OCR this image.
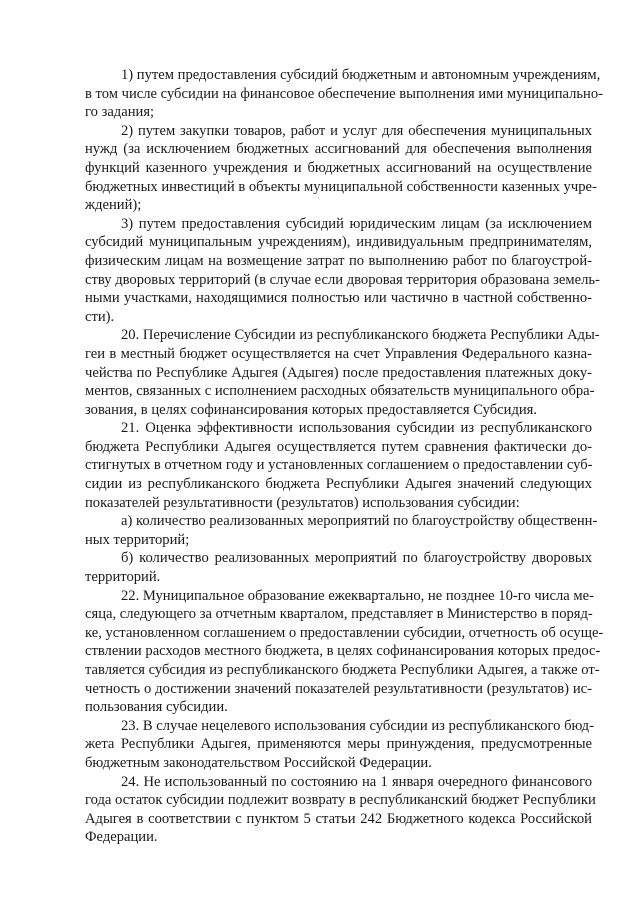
1) путем предоставления субсидий бюджетным и автономным учреждениям,
в том числе субсидии на финансовое обеспечение выполнения ими муниципально-
го задания;

2) путем закупки товаров, работ и услуг для обеспечения муниципальных
нужд (за исключением бюджетных ассигнований для обеспечения выполнения
функций казенного учреждения и бюджетных ассигнований на осуществление
бюджетных инвестиций в объекты муниципальной собственности казенных учре-
ждений);

3) путем предоставления субсидий юридическим лицам (за исключением
субсидий муниципальным учреждениям), индивидуальным предпринимателям,
физическим лицам на возмещение затрат по выполнению работ по благоустрой-
ству дворовых территорий (в случае если дворовая территория образована земель-
ными участками, находящимися полностью или частично в частной собственно-
сти).

20. Перечисление Субсидии из республиканского бюджета Республики Ады-
геи в местный бюджет осуществляется на счет Управления Федерального казна-
чейства по Республике Адыгея (Адыгея) после предоставления платежных доку-
ментов, связанных с исполнением расходных обязательств муниципального обра-
зования, в целях софинансирования которых предоставляется Субсидия.

21. Оценка эффективности использования субсидии из республиканского
бюджета Республики Адыгея осуществляется путем сравнения фактически до-
стигнутых в отчетном году и установленных соглашением о предоставлении суб-
сидии из республиканского бюджета Республики Адыгея значений следующих
показателей результативности (результатов) использования субсидии:

а) количество реализованных мероприятий по благоустройству общественн-
ных территорий;

б) количество реализованных мероприятий по благоустройству дворовых
территорий.

22. Муниципальное образование ежеквартально, не позднее 10-го числа ме-
сяца, следующего за отчетным кварталом, представляет в Министерство в поряд-
ке, установленном соглашением о предоставлении субсидии, отчетность об осуще-
ствлении расходов местного бюджета, в целях софинансирования которых предос-
тавляется субсидия из республиканского бюджета Республики Адыгея, а также от-
четность о достижении значений показателей результативности (результатов) ис-
пользования субсидии.

23. В случае нецелевого использования субсидии из республиканского бюд-
жета Республики Адыгея, применяются меры принуждения, предусмотренные
бюджетным законодательством Российской Федерации.

24. Не использованный по состоянию на 1 января очередного финансового
года остаток субсидии подлежит возврату в республиканский бюджет Республики
Адыгея в соответствии с пунктом 5 статьи 242 Бюджетного кодекса Российской
Федерации.
